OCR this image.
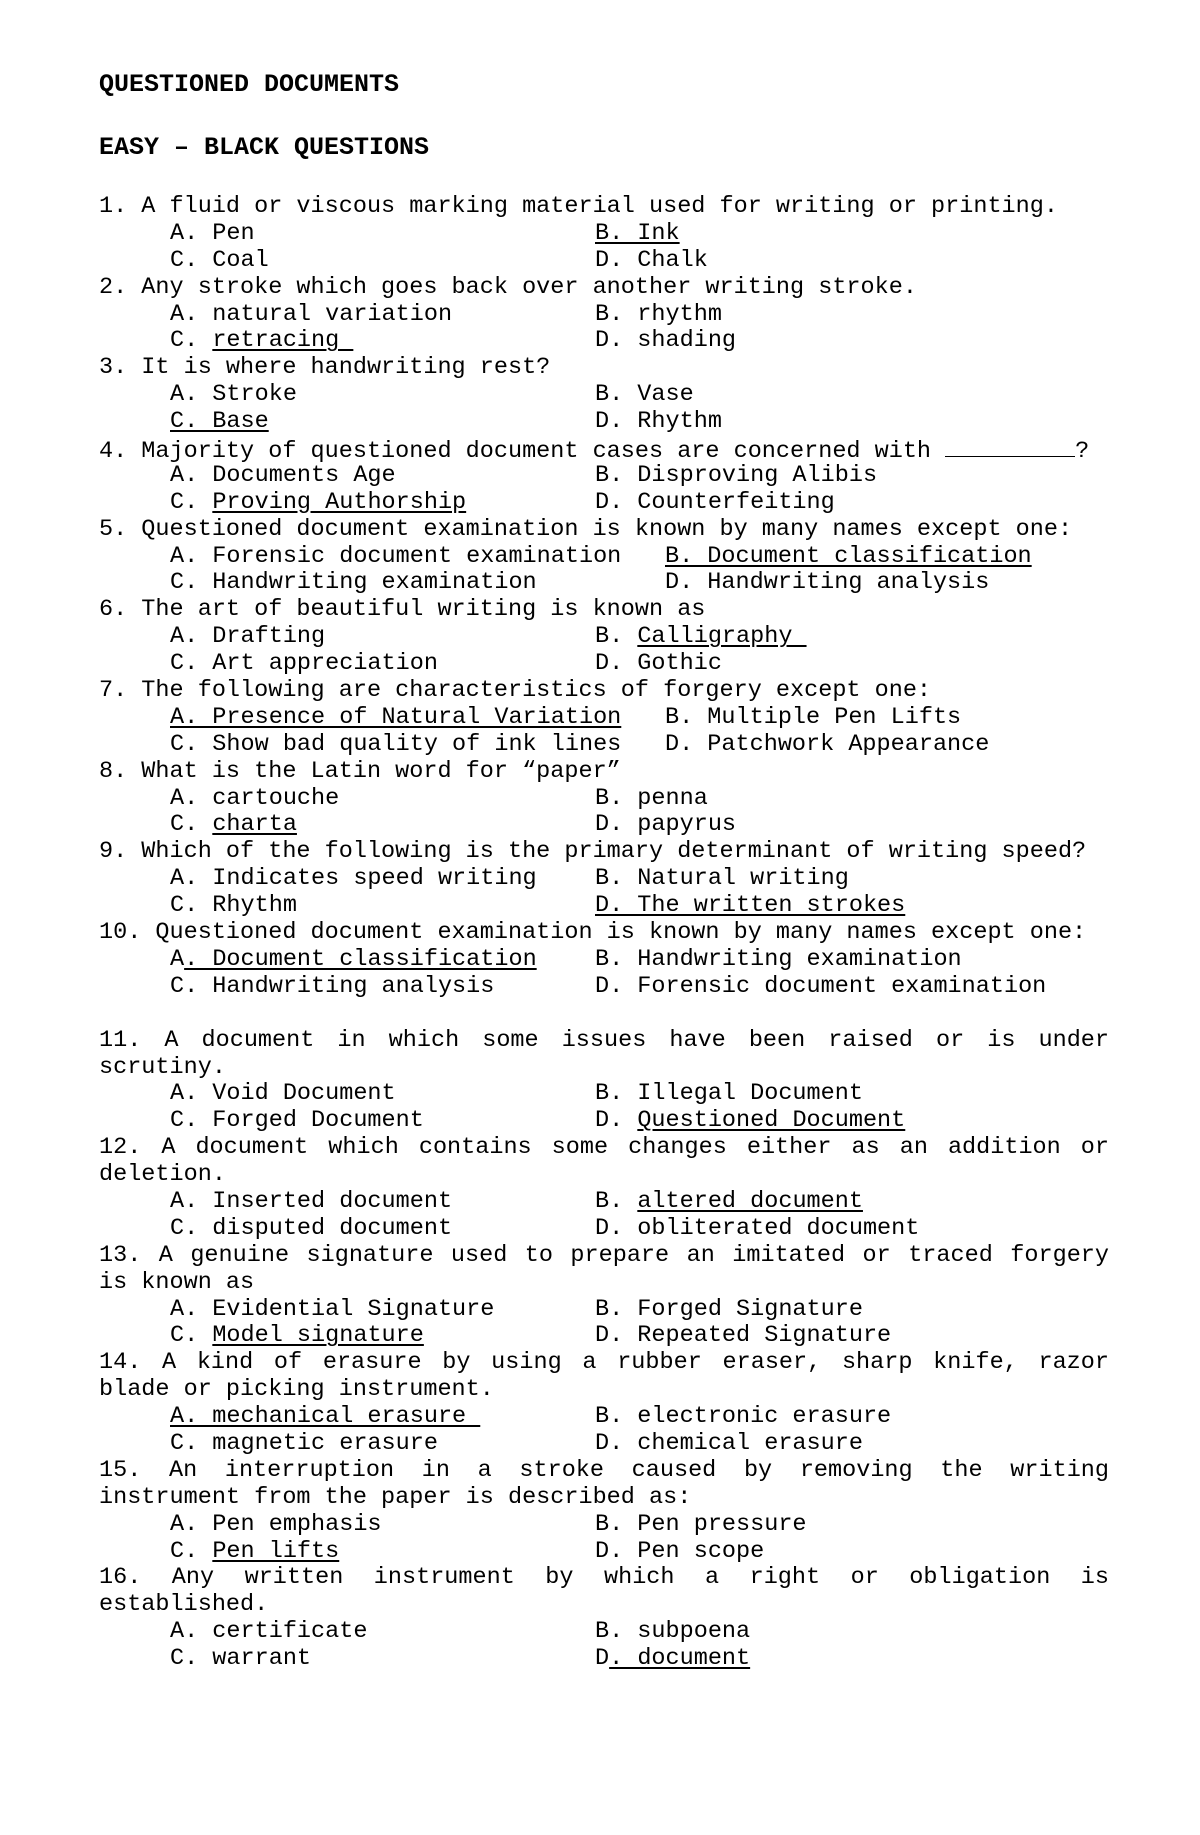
QUESTIONED DOCUMENTS
EASY – BLACK QUESTIONS
1. A fluid or viscous marking material used for writing or printing.
A. Pen	B. Ink
C. Coal	D. Chalk
2. Any stroke which goes back over another writing stroke.
A. natural variation	B. rhythm
C. retracing	D. shading
3. It is where handwriting rest?
A. Stroke	B. Vase
C. Base	D. Rhythm
4. Majority of questioned document cases are concerned with	?
A. Documents Age	B. Disproving Alibis
C. Proving Authorship	D. Counterfeiting
5. Questioned document examination is known by many names except one:
A. Forensic document examination	B. Document classification
C. Handwriting examination	D. Handwriting analysis
6. The art of beautiful writing is known as
A. Drafting	B. Calligraphy
C. Art appreciation	D. Gothic
7. The following are characteristics of forgery except one:
A. Presence of Natural Variation	B. Multiple Pen Lifts
C. Show bad quality of ink lines	D. Patchwork Appearance
8. What is the Latin word for “paper”
A. cartouche	B. penna
C. charta	D. papyrus
9. Which of the following is the primary determinant of writing speed?
A. Indicates speed writing	B. Natural writing
C. Rhythm	D. The written strokes
10. Questioned document examination is known by many names except one:
A. Document classification	B. Handwriting examination
C. Handwriting analysis	D. Forensic document examination
11. A document in which some issues have been raised or is under
scrutiny.
A. Void Document	B. Illegal Document
C. Forged Document	D. Questioned Document
12. A document which contains some changes either as an addition or
deletion.
A. Inserted document	B. altered document
C. disputed document	D. obliterated document
13. A genuine signature used to prepare an imitated or traced forgery
is known as
A. Evidential Signature	B. Forged Signature
C. Model signature	D. Repeated Signature
14. A kind of erasure by using a rubber eraser, sharp knife, razor
blade or picking instrument.
A. mechanical erasure	B. electronic erasure
C. magnetic erasure	D. chemical erasure
15. An interruption in a stroke caused by removing the writing
instrument from the paper is described as:
A. Pen emphasis	B. Pen pressure
C. Pen lifts	D. Pen scope
16. Any written instrument by which a right or obligation is
established.
A. certificate	B. subpoena
C. warrant	D. document
